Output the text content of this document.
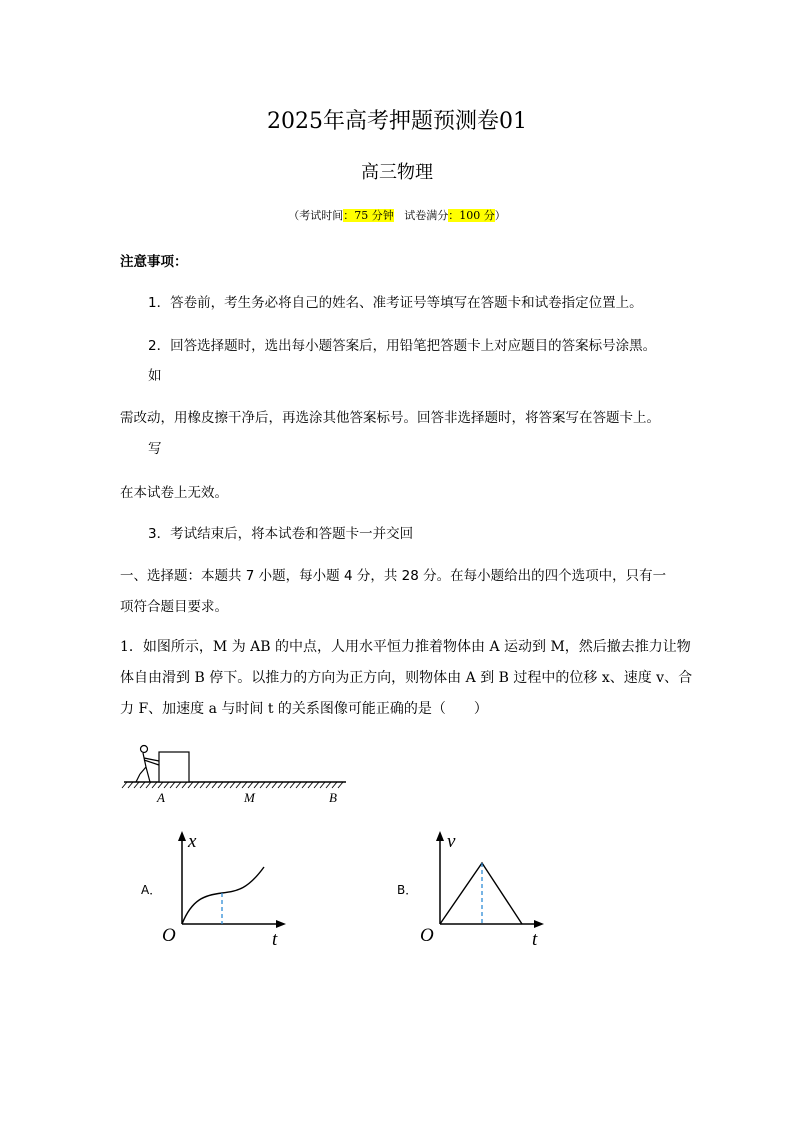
2025年高考押题预测卷01
高三物理
（考试时间：75 分钟 试卷满分：100 分）
注意事项：
1．答卷前，考生务必将自己的姓名、准考证号等填写在答题卡和试卷指定位置上。
2．回答选择题时，选出每小题答案后，用铅笔把答题卡上对应题目的答案标号涂黑。
如
需改动，用橡皮擦干净后，再选涂其他答案标号。回答非选择题时，将答案写在答题卡上。
写
在本试卷上无效。
3．考试结束后，将本试卷和答题卡一并交回
一、选择题：本题共 7 小题，每小题 4 分，共 28 分。在每小题给出的四个选项中，只有一
项符合题目要求。
1．如图所示，M 为 AB 的中点，人用水平恒力推着物体由 A 运动到 M，然后撤去推力让物
体自由滑到 B 停下。以推力的方向为正方向，则物体由 A 到 B 过程中的位移 x、速度 v、合
力 F、加速度 a 与时间 t 的关系图像可能正确的是（　　）
A	M	B
A．
x
t
O
B．
v
t
O
